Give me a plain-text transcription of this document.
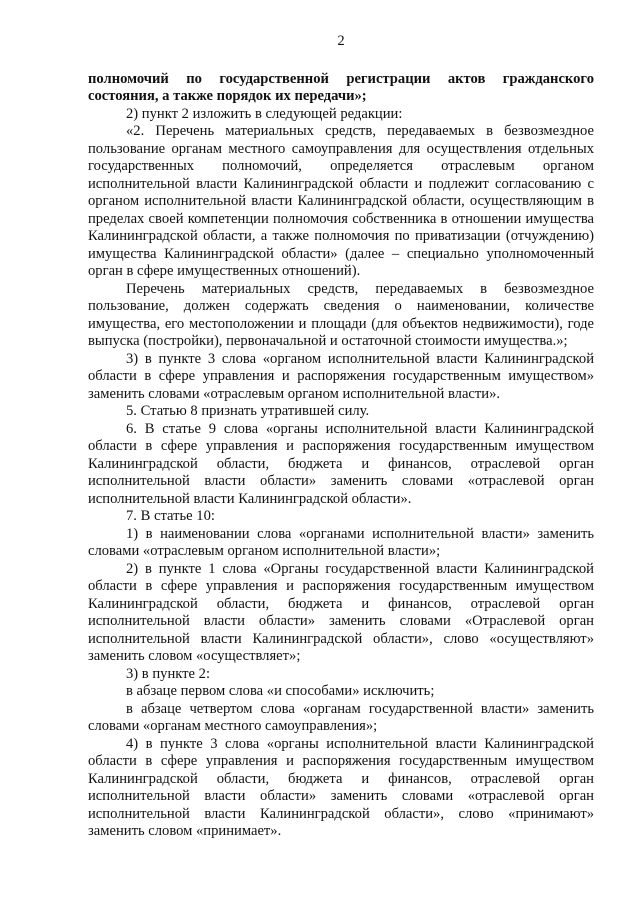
2

полномочий по государственной регистрации актов гражданского состояния, а также порядок их передачи»;

2) пункт 2 изложить в следующей редакции:

«2. Перечень материальных средств, передаваемых в безвозмездное пользование органам местного самоуправления для осуществления отдельных государственных полномочий, определяется отраслевым органом исполнительной власти Калининградской области и подлежит согласованию с органом исполнительной власти Калининградской области, осуществляющим в пределах своей компетенции полномочия собственника в отношении имущества Калининградской области, а также полномочия по приватизации (отчуждению) имущества Калининградской области» (далее – специально уполномоченный орган в сфере имущественных отношений).

Перечень материальных средств, передаваемых в безвозмездное пользование, должен содержать сведения о наименовании, количестве имущества, его местоположении и площади (для объектов недвижимости), годе выпуска (постройки), первоначальной и остаточной стоимости имущества.»;

3) в пункте 3 слова «органом исполнительной власти Калининградской области в сфере управления и распоряжения государственным имуществом» заменить словами «отраслевым органом исполнительной власти».

5. Статью 8 признать утратившей силу.

6. В статье 9 слова «органы исполнительной власти Калининградской области в сфере управления и распоряжения государственным имуществом Калининградской области, бюджета и финансов, отраслевой орган исполнительной власти области» заменить словами «отраслевой орган исполнительной власти Калининградской области».

7. В статье 10:

1) в наименовании слова «органами исполнительной власти» заменить словами «отраслевым органом исполнительной власти»;

2) в пункте 1 слова «Органы государственной власти Калининградской области в сфере управления и распоряжения государственным имуществом Калининградской области, бюджета и финансов, отраслевой орган исполнительной власти области» заменить словами «Отраслевой орган исполнительной власти Калининградской области», слово «осуществляют» заменить словом «осуществляет»;

3) в пункте 2:

в абзаце первом слова «и способами» исключить;

в абзаце четвертом слова «органам государственной власти» заменить словами «органам местного самоуправления»;

4) в пункте 3 слова «органы исполнительной власти Калининградской области в сфере управления и распоряжения государственным имуществом Калининградской области, бюджета и финансов, отраслевой орган исполнительной власти области» заменить словами «отраслевой орган исполнительной власти Калининградской области», слово «принимают» заменить словом «принимает».
